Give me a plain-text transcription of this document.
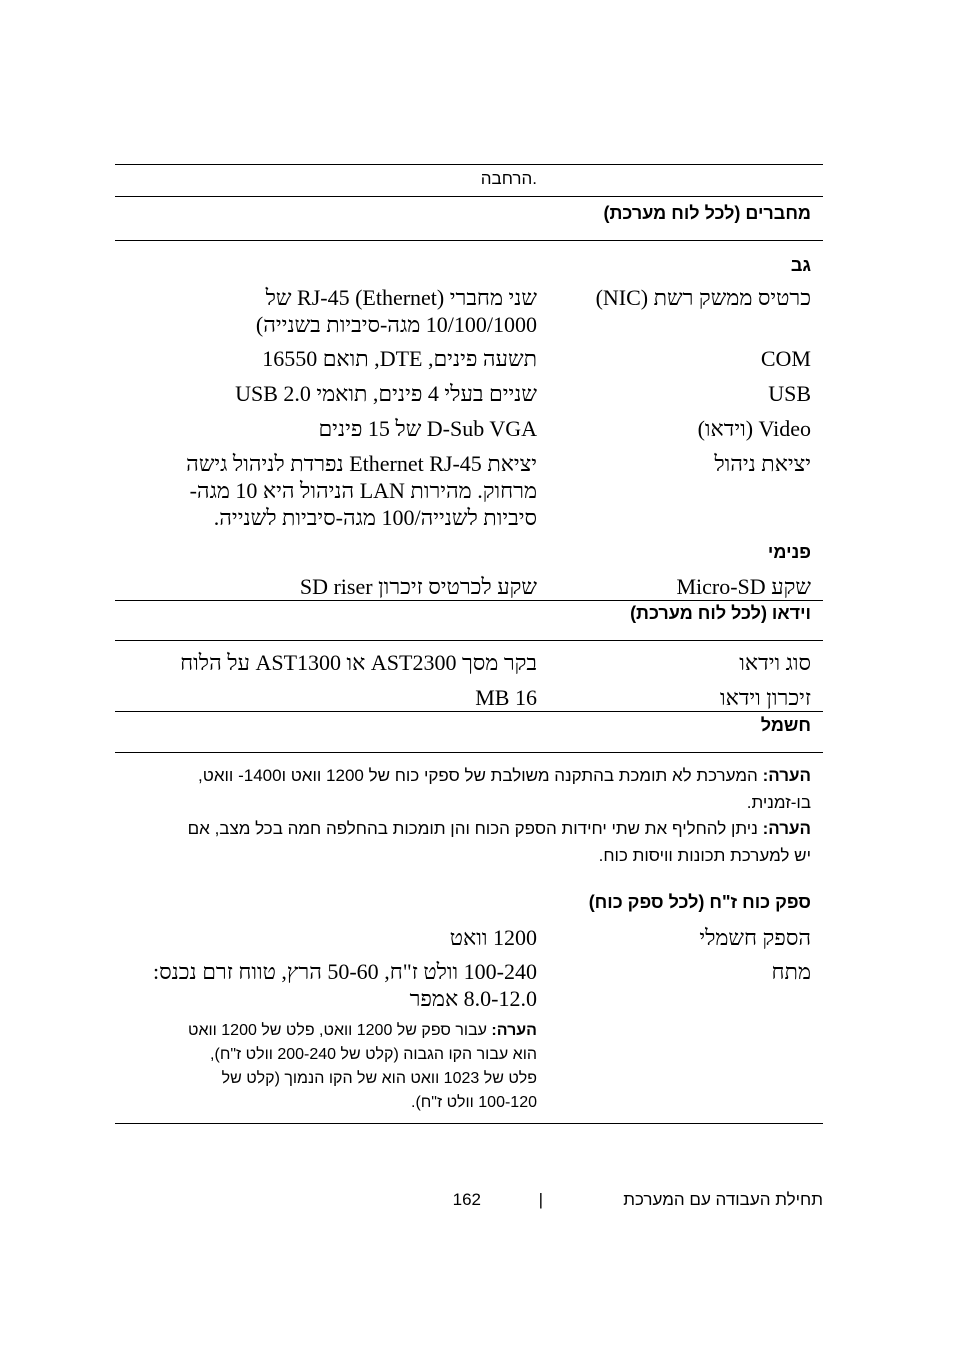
.הרחבה
מחברים (לכל לוח מערכת)
גב
כרטיס ממשק רשת (NIC)
שני מחברי RJ-45 (Ethernet) של
10/100/1000 מגה-סיביות בשנייה)
COM
תשעה פינים, DTE, תואם 16550
USB
שניים בעלי 4 פינים, תואמי USB 2.0
Video (וידאו)
D-Sub VGA של 15 פינים
יציאת ניהול
יציאת Ethernet RJ-45 נפרדת לניהול גישה
מרחוק. מהירות LAN הניהול היא 10 מגה-
סיביות לשנייה/100 מגה-סיביות לשנייה.
פנימי
שקע Micro-SD
שקע לכרטיס זיכרון SD riser
וידאו (לכל לוח מערכת)
סוג וידאו
בקר מסך AST2300 או AST1300 על הלוח
זיכרון וידאו
16 MB
חשמל
הערה: המערכת לא תומכת בהתקנה משולבת של ספקי כוח של 1200 וואט ו1400- וואט,
בו-זמנית.
הערה: ניתן להחליף את שתי יחידות הספק הכוח והן תומכות בהחלפה חמה בכל מצב, אם
יש למערכת תכונות וויסות כוח.
ספק כוח ז"ח (לכל ספק כוח)
הספק חשמלי
1200 וואט
מתח
100-240 וולט ז"ח, 50-60 הרץ, טווח זרם נכנס:
8.0-12.0 אמפר
הערה: עבור ספק של 1200 וואט, פלט של 1200 וואט
הוא עבור הקו הגבוה (קלט של 200-240 וולט ז"ח),
פלט של 1023 וואט הוא של הקו הנמוך (קלט של
100-120 וולט ז"ח).
תחילת העבודה עם המערכת
|
162
